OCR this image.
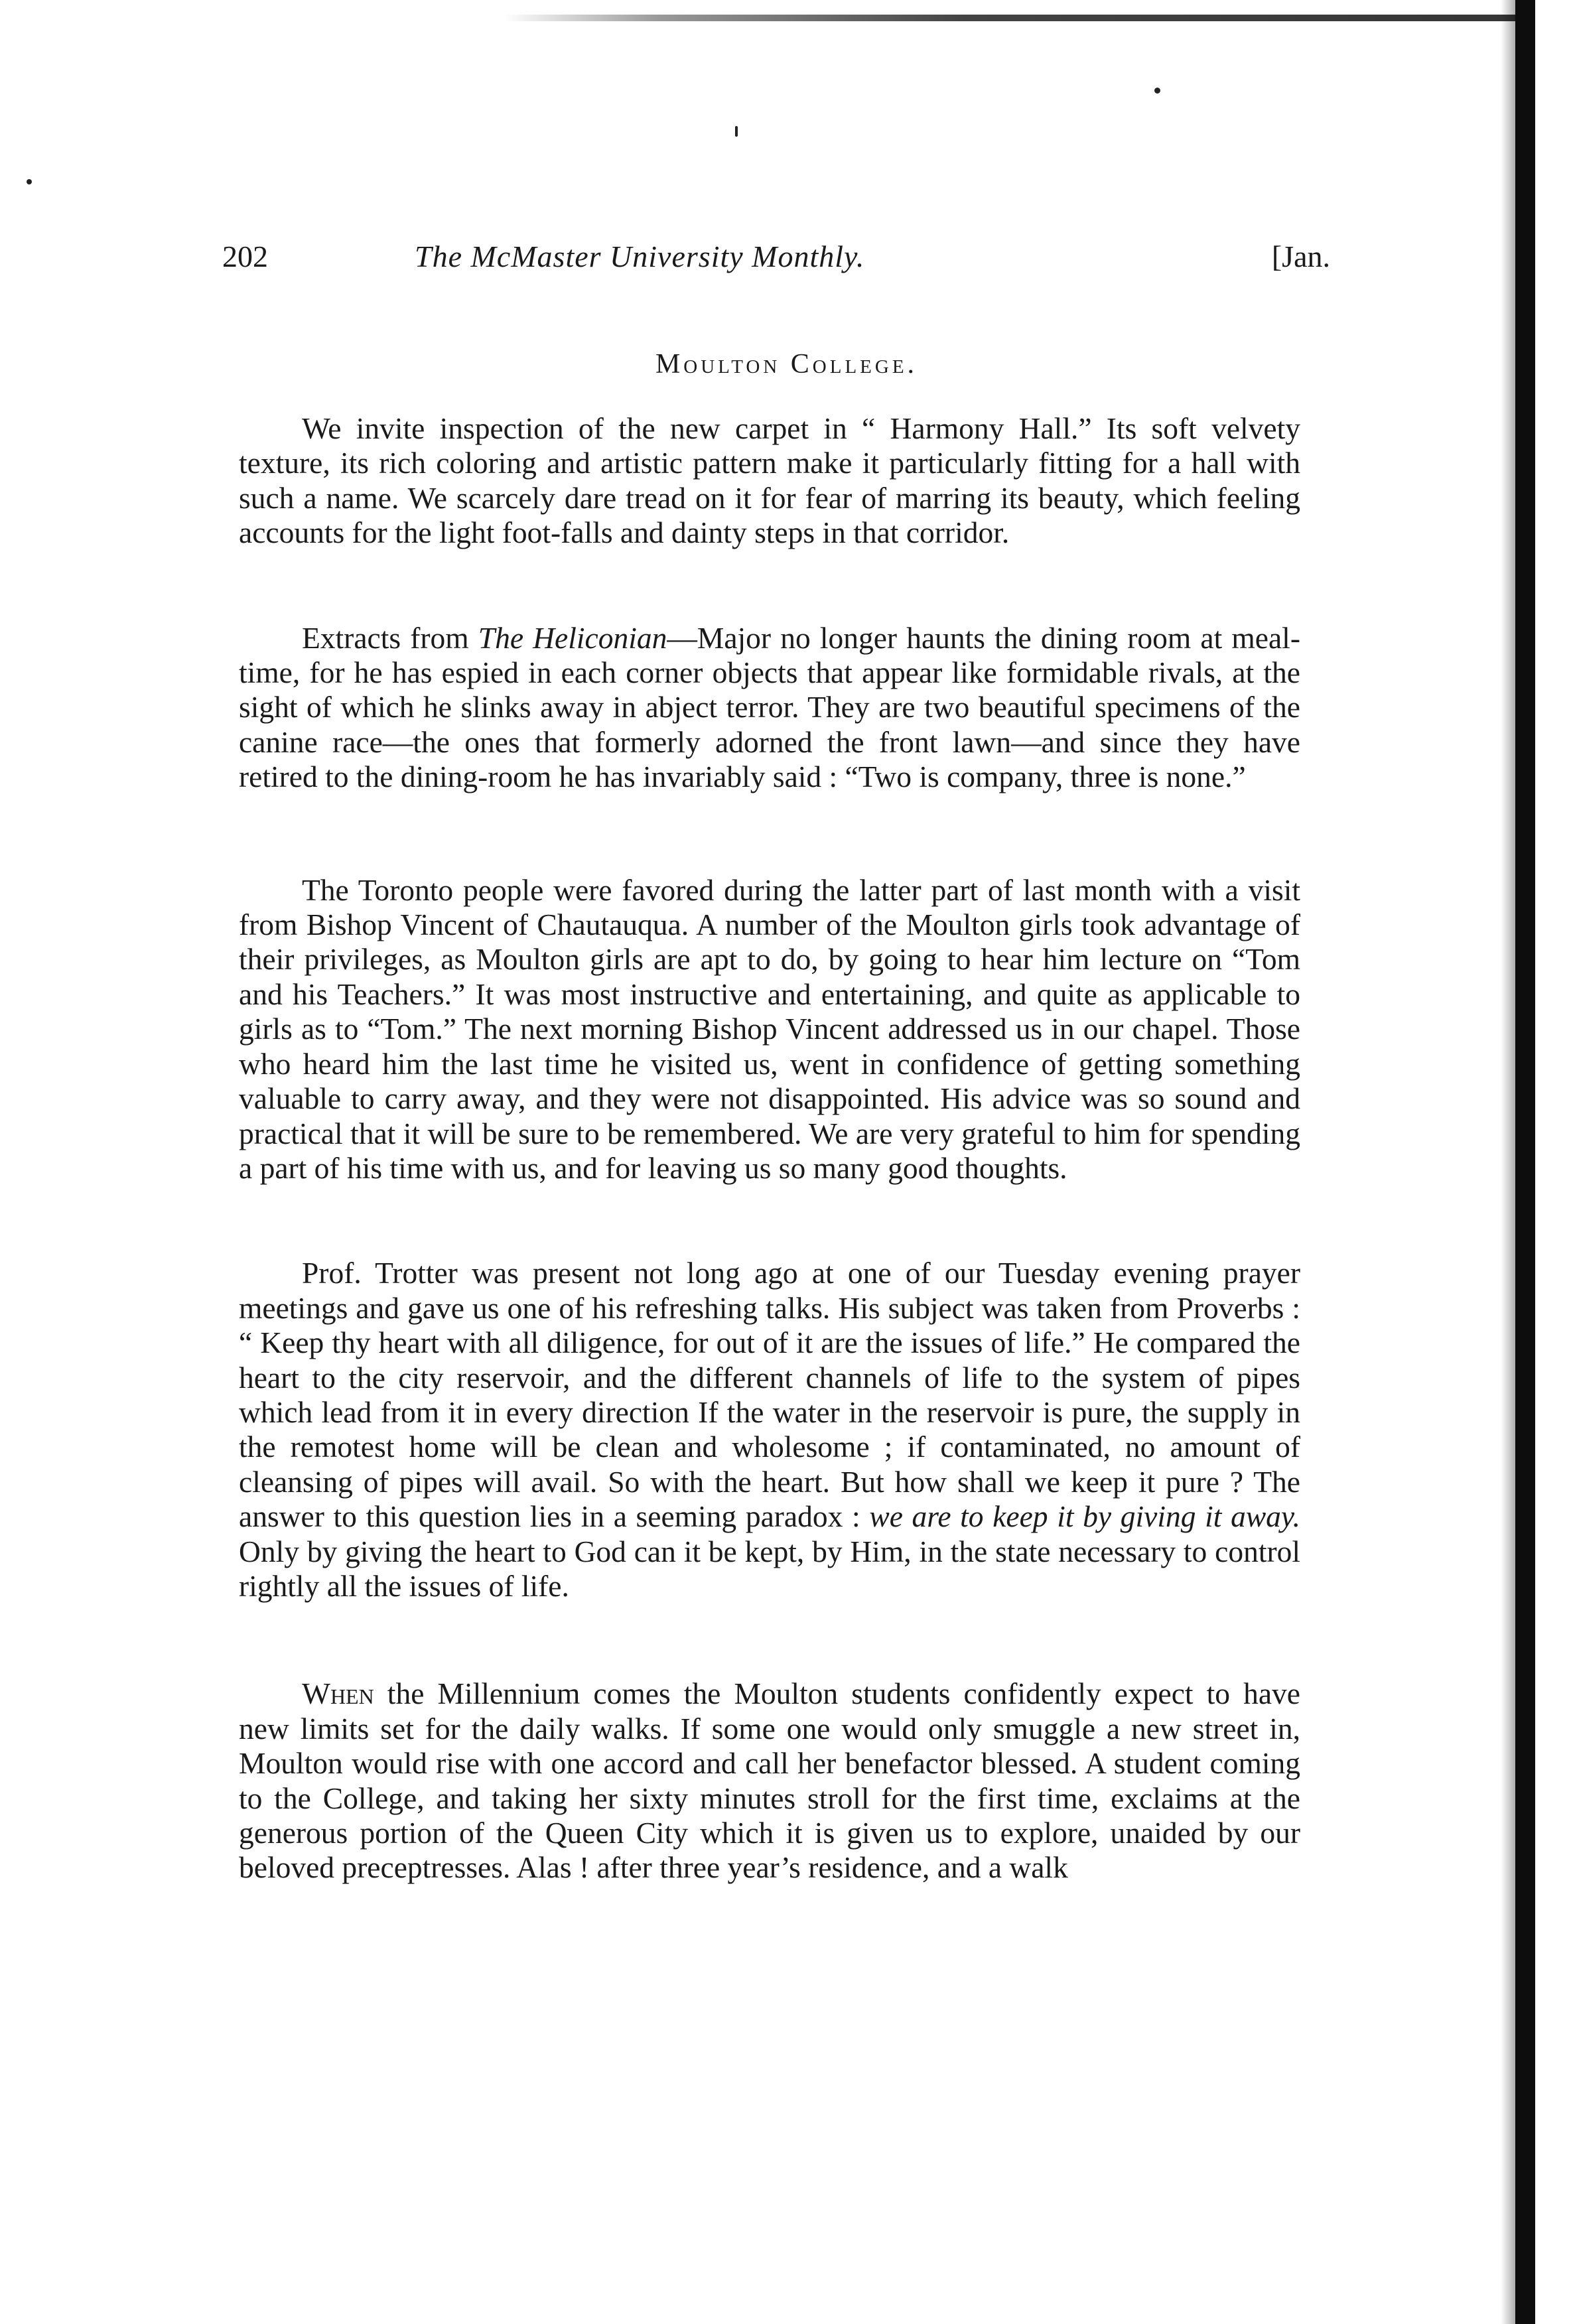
202	The McMaster University Monthly.	[Jan.
Moulton College.

We invite inspection of the new carpet in “ Harmony Hall.” Its soft velvety texture, its rich coloring and artistic pattern make it particularly fitting for a hall with such a name. We scarcely dare tread on it for fear of marring its beauty, which feeling accounts for the light foot-falls and dainty steps in that corridor.

Extracts from The Heliconian—Major no longer haunts the dining room at meal-time, for he has espied in each corner objects that appear like formidable rivals, at the sight of which he slinks away in abject terror. They are two beautiful specimens of the canine race—the ones that formerly adorned the front lawn—and since they have retired to the dining-room he has invariably said : “Two is company, three is none.”

The Toronto people were favored during the latter part of last month with a visit from Bishop Vincent of Chautauqua. A number of the Moulton girls took advantage of their privileges, as Moulton girls are apt to do, by going to hear him lecture on “Tom and his Teachers.” It was most instructive and entertaining, and quite as applicable to girls as to “Tom.” The next morning Bishop Vincent addressed us in our chapel. Those who heard him the last time he visited us, went in confidence of getting something valuable to carry away, and they were not disappointed. His advice was so sound and practical that it will be sure to be remembered. We are very grateful to him for spending a part of his time with us, and for leaving us so many good thoughts.

Prof. Trotter was present not long ago at one of our Tuesday evening prayer meetings and gave us one of his refreshing talks. His subject was taken from Proverbs : “ Keep thy heart with all diligence, for out of it are the issues of life.” He compared the heart to the city reservoir, and the different channels of life to the system of pipes which lead from it in every direction If the water in the reservoir is pure, the supply in the remotest home will be clean and wholesome ; if contaminated, no amount of cleansing of pipes will avail. So with the heart. But how shall we keep it pure ? The answer to this question lies in a seeming paradox : we are to keep it by giving it away. Only by giving the heart to God can it be kept, by Him, in the state necessary to control rightly all the issues of life.

When the Millennium comes the Moulton students confidently expect to have new limits set for the daily walks. If some one would only smuggle a new street in, Moulton would rise with one accord and call her benefactor blessed. A student coming to the College, and taking her sixty minutes stroll for the first time, exclaims at the generous portion of the Queen City which it is given us to explore, unaided by our beloved preceptresses. Alas ! after three year’s residence, and a walk
